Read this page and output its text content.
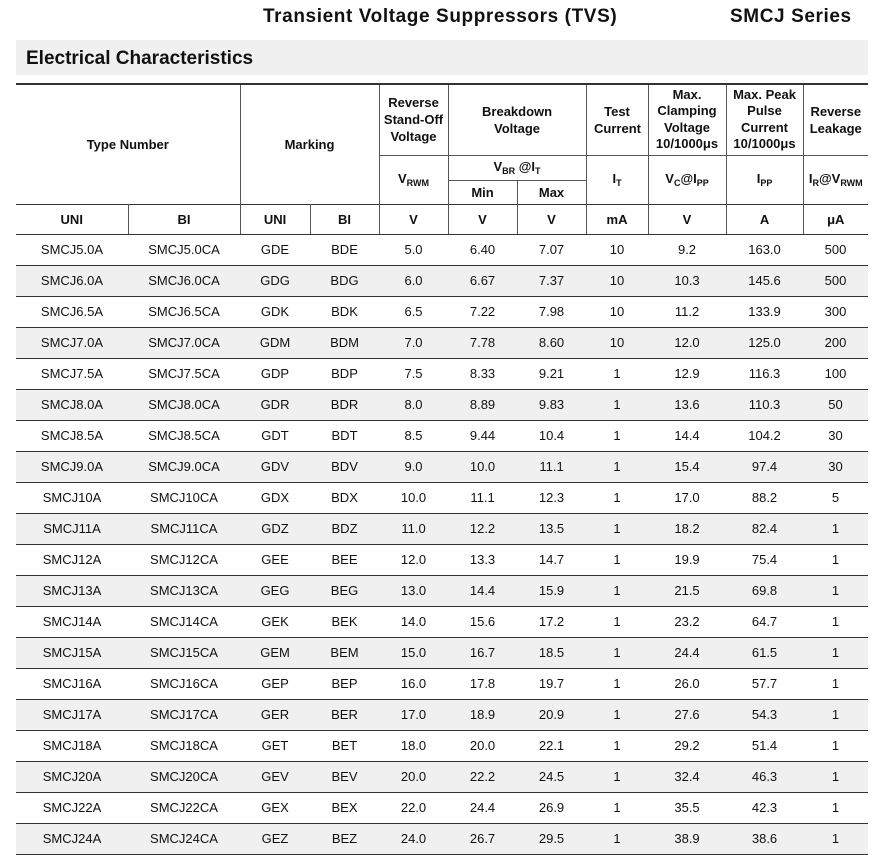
Transient Voltage Suppressors (TVS)	SMCJ Series
Electrical Characteristics
Type Number		Marking		Reverse Stand-Off Voltage	Breakdown Voltage		Test Current	Max. Clamping Voltage 10/1000μs	Max. Peak Pulse Current 10/1000μs	Reverse Leakage

				$V_{RWM}$	$V_{BR}$ $@I_T$		$I_T$	$V_C@I_{PP}$	$I_{PP}$	$I_R@V_{RWM}$
					Min	Max				
UNI	BI	UNI	BI	V	V	V	mA	V	A	μA
SMCJ5.0A	SMCJ5.0CA	GDE	BDE	5.0	6.40	7.07	10	9.2	163.0	500
SMCJ6.0A	SMCJ6.0CA	GDG	BDG	6.0	6.67	7.37	10	10.3	145.6	500
SMCJ6.5A	SMCJ6.5CA	GDK	BDK	6.5	7.22	7.98	10	11.2	133.9	300
SMCJ7.0A	SMCJ7.0CA	GDM	BDM	7.0	7.78	8.60	10	12.0	125.0	200
SMCJ7.5A	SMCJ7.5CA	GDP	BDP	7.5	8.33	9.21	1	12.9	116.3	100
SMCJ8.0A	SMCJ8.0CA	GDR	BDR	8.0	8.89	9.83	1	13.6	110.3	50
SMCJ8.5A	SMCJ8.5CA	GDT	BDT	8.5	9.44	10.4	1	14.4	104.2	30
SMCJ9.0A	SMCJ9.0CA	GDV	BDV	9.0	10.0	11.1	1	15.4	97.4	30
SMCJ10A	SMCJ10CA	GDX	BDX	10.0	11.1	12.3	1	17.0	88.2	5
SMCJ11A	SMCJ11CA	GDZ	BDZ	11.0	12.2	13.5	1	18.2	82.4	1
SMCJ12A	SMCJ12CA	GEE	BEE	12.0	13.3	14.7	1	19.9	75.4	1
SMCJ13A	SMCJ13CA	GEG	BEG	13.0	14.4	15.9	1	21.5	69.8	1
SMCJ14A	SMCJ14CA	GEK	BEK	14.0	15.6	17.2	1	23.2	64.7	1
SMCJ15A	SMCJ15CA	GEM	BEM	15.0	16.7	18.5	1	24.4	61.5	1
SMCJ16A	SMCJ16CA	GEP	BEP	16.0	17.8	19.7	1	26.0	57.7	1
SMCJ17A	SMCJ17CA	GER	BER	17.0	18.9	20.9	1	27.6	54.3	1
SMCJ18A	SMCJ18CA	GET	BET	18.0	20.0	22.1	1	29.2	51.4	1
SMCJ20A	SMCJ20CA	GEV	BEV	20.0	22.2	24.5	1	32.4	46.3	1
SMCJ22A	SMCJ22CA	GEX	BEX	22.0	24.4	26.9	1	35.5	42.3	1
SMCJ24A	SMCJ24CA	GEZ	BEZ	24.0	26.7	29.5	1	38.9	38.6	1
